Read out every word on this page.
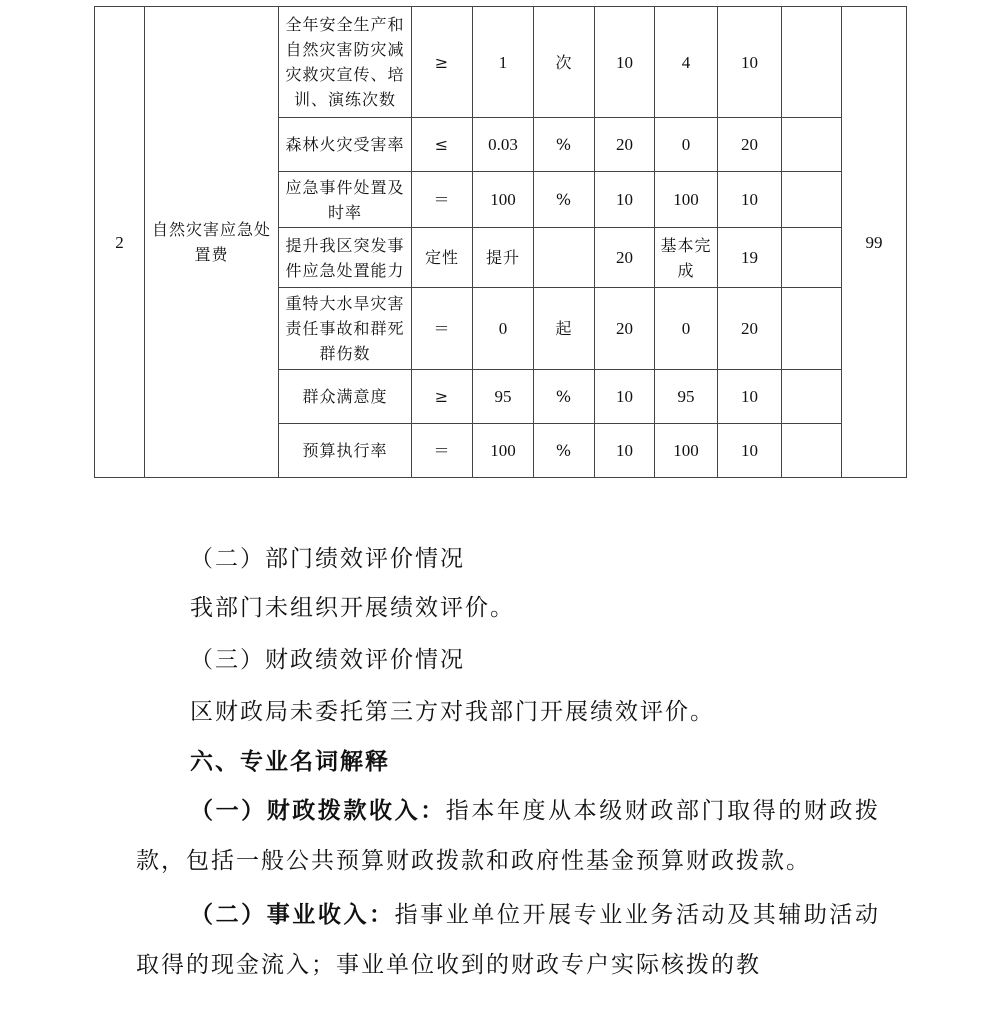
2	自然灾害应急处置费	全年安全生产和自然灾害防灾减灾救灾宣传、培训、演练次数	≥	1	次	10	4	10		99
		森林火灾受害率	≤	0.03	%	20	0	20		
		应急事件处置及时率	＝	100	%	10	100	10		
		提升我区突发事件应急处置能力	定性	提升		20	基本完成	19		
		重特大水旱灾害责任事故和群死群伤数	＝	0	起	20	0	20		
		群众满意度	≥	95	%	10	95	10		
		预算执行率	＝	100	%	10	100	10		

（二）部门绩效评价情况

我部门未组织开展绩效评价。

（三）财政绩效评价情况

区财政局未委托第三方对我部门开展绩效评价。

六、专业名词解释

（一）财政拨款收入：指本年度从本级财政部门取得的财政拨款，包括一般公共预算财政拨款和政府性基金预算财政拨款。

（二）事业收入：指事业单位开展专业业务活动及其辅助活动取得的现金流入；事业单位收到的财政专户实际核拨的教
